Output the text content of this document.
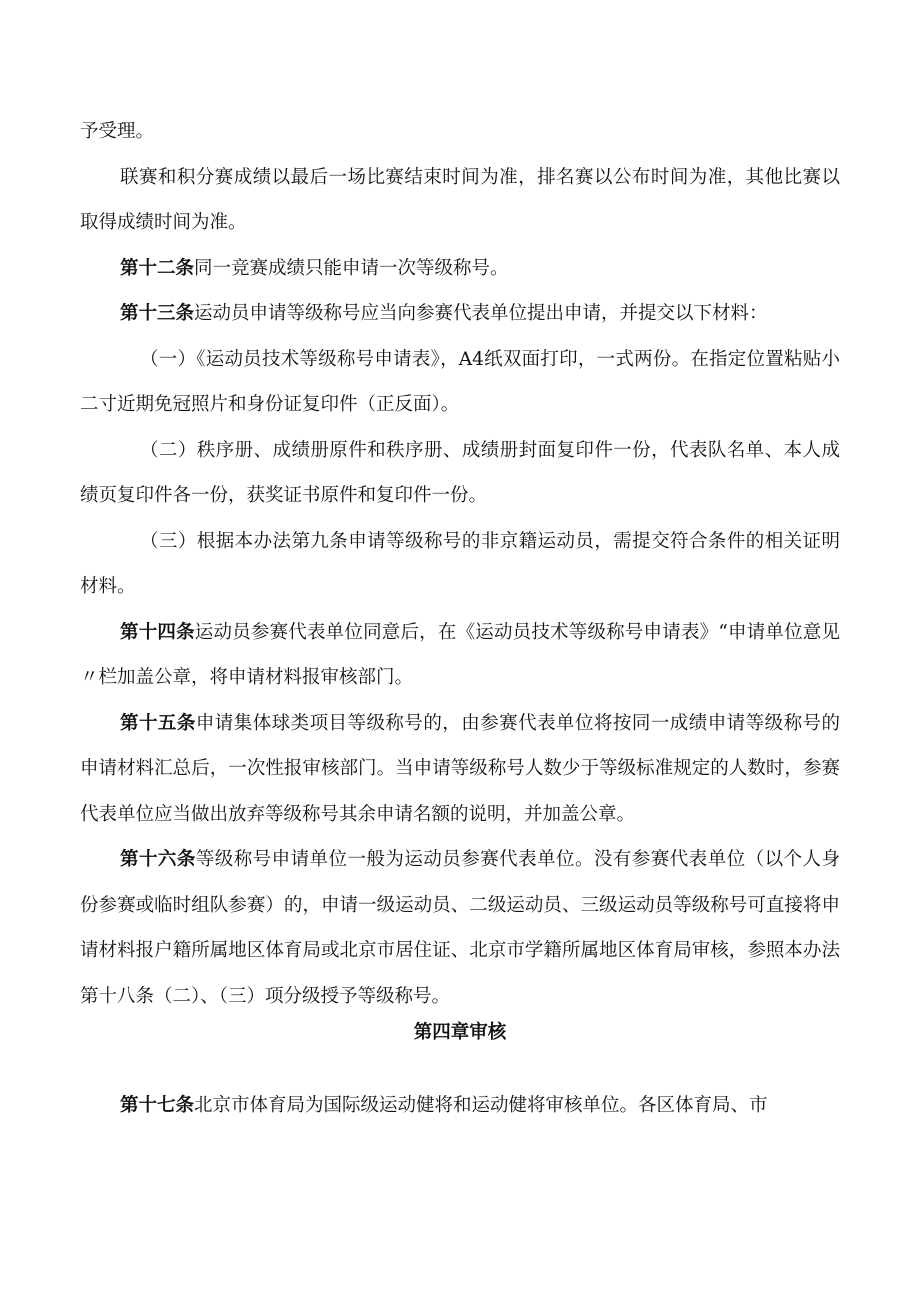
予受理。

联赛和积分赛成绩以最后一场比赛结束时间为准，排名赛以公布时间为准，其他比赛以取得成绩时间为准。

第十二条同一竞赛成绩只能申请一次等级称号。

第十三条运动员申请等级称号应当向参赛代表单位提出申请，并提交以下材料：

（一）《运动员技术等级称号申请表》，A4纸双面打印，一式两份。在指定位置粘贴小二寸近期免冠照片和身份证复印件（正反面）。

（二）秩序册、成绩册原件和秩序册、成绩册封面复印件一份，代表队名单、本人成绩页复印件各一份，获奖证书原件和复印件一份。

（三）根据本办法第九条申请等级称号的非京籍运动员，需提交符合条件的相关证明材料。

第十四条运动员参赛代表单位同意后，在《运动员技术等级称号申请表》“申请单位意见〃栏加盖公章，将申请材料报审核部门。

第十五条申请集体球类项目等级称号的，由参赛代表单位将按同一成绩申请等级称号的申请材料汇总后，一次性报审核部门。当申请等级称号人数少于等级标准规定的人数时，参赛代表单位应当做出放弃等级称号其余申请名额的说明，并加盖公章。

第十六条等级称号申请单位一般为运动员参赛代表单位。没有参赛代表单位（以个人身份参赛或临时组队参赛）的，申请一级运动员、二级运动员、三级运动员等级称号可直接将申请材料报户籍所属地区体育局或北京市居住证、北京市学籍所属地区体育局审核，参照本办法第十八条（二）、（三）项分级授予等级称号。

第四章审核

第十七条北京市体育局为国际级运动健将和运动健将审核单位。各区体育局、市
